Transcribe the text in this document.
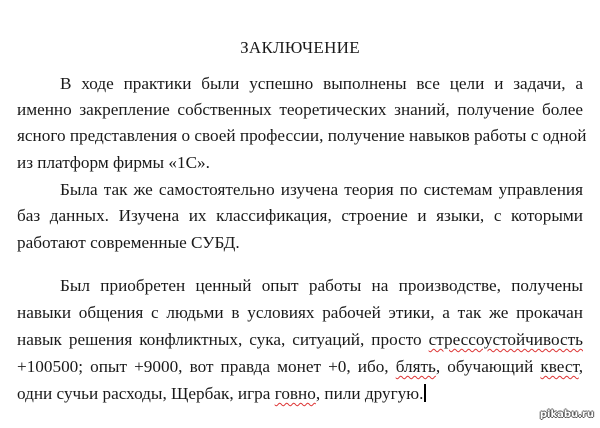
ЗАКЛЮЧЕНИЕ
В ходе практики были успешно выполнены все цели и задачи, а
именно закрепление собственных теоретических знаний, получение более
ясного представления о своей профессии, получение навыков работы с одной
из платформ фирмы «1С».
Была так же самостоятельно изучена теория по системам управления
баз данных. Изучена их классификация, строение и языки, с которыми
работают современные СУБД.
Был приобретен ценный опыт работы на производстве, получены
навыки общения с людьми в условиях рабочей этики, а так же прокачан
навык решения конфликтных, сука, ситуаций, просто стрессоустойчивость
+100500; опыт +9000, вот правда монет +0, ибо, блять, обучающий квест,
одни сучьи расходы, Щербак, игра говно, пили другую.
pikabu.ru
